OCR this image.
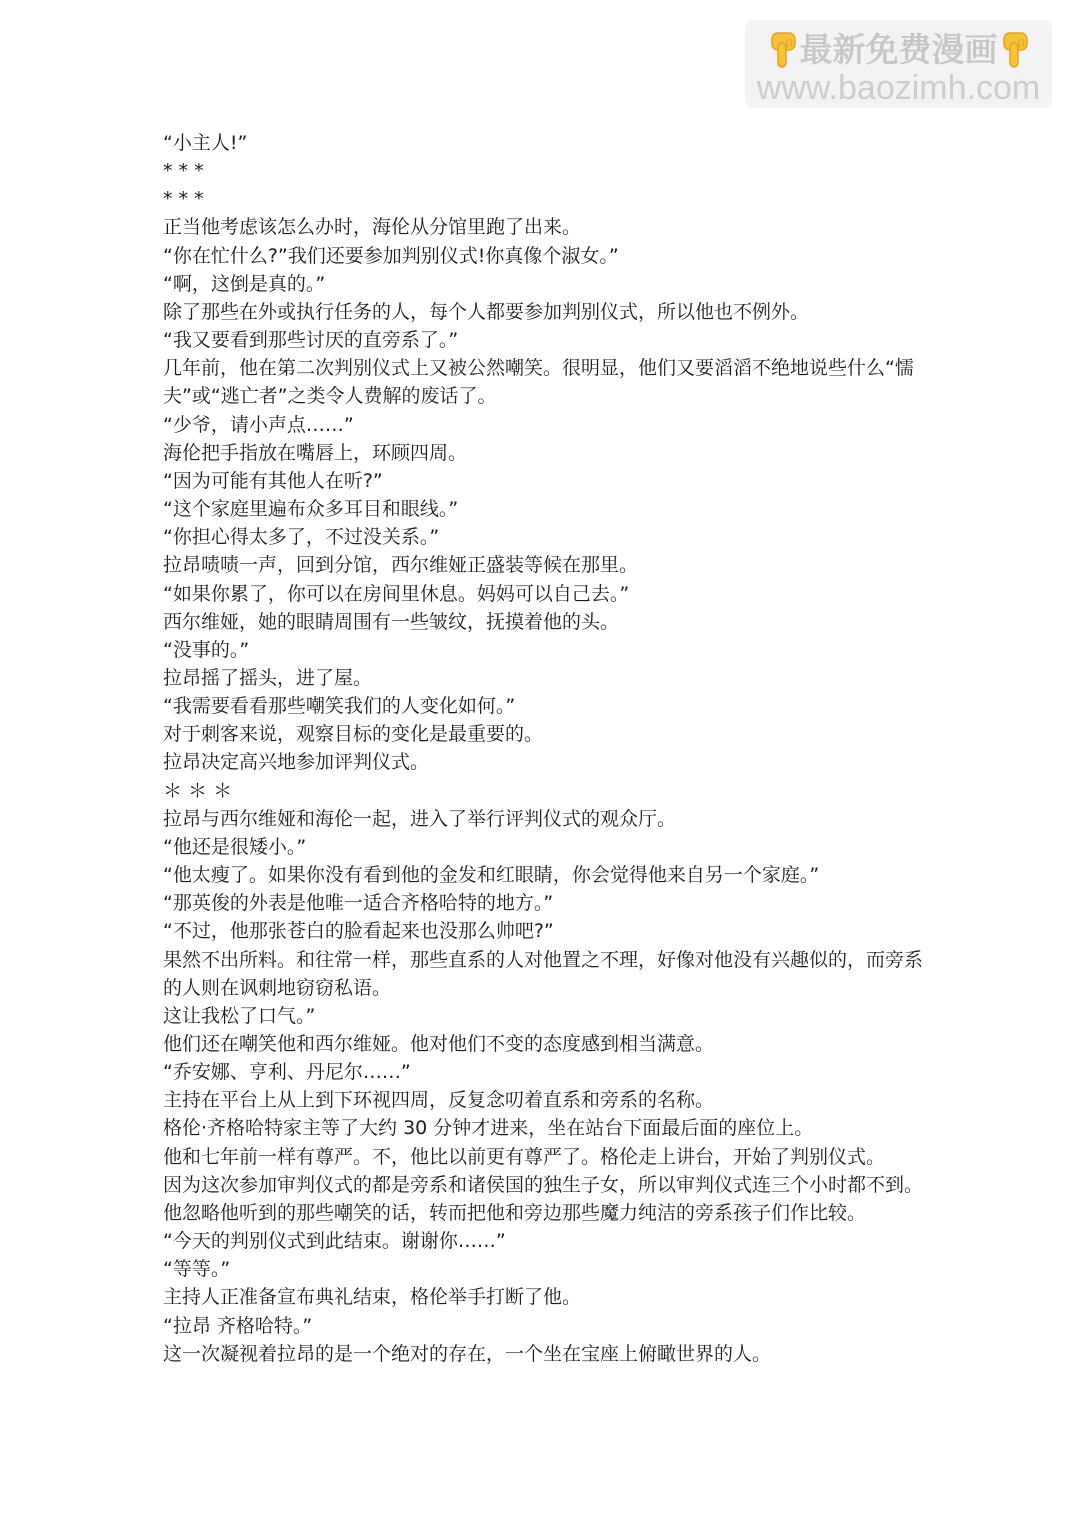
最新免费漫画
www.baozimh.com

“小主人!”

* * *

* * *

正当他考虑该怎么办时，海伦从分馆里跑了出来。

“你在忙什么?”我们还要参加判别仪式!你真像个淑女。”

“啊，这倒是真的。”

除了那些在外或执行任务的人，每个人都要参加判别仪式，所以他也不例外。

“我又要看到那些讨厌的直旁系了。”

几年前，他在第二次判别仪式上又被公然嘲笑。很明显，他们又要滔滔不绝地说些什么“懦

夫”或“逃亡者”之类令人费解的废话了。

“少爷，请小声点……”

海伦把手指放在嘴唇上，环顾四周。

“因为可能有其他人在听?”

“这个家庭里遍布众多耳目和眼线。”

“你担心得太多了，不过没关系。”

拉昂啧啧一声，回到分馆，西尔维娅正盛装等候在那里。

“如果你累了，你可以在房间里休息。妈妈可以自己去。”

西尔维娅，她的眼睛周围有一些皱纹，抚摸着他的头。

“没事的。”

拉昂摇了摇头，进了屋。

“我需要看看那些嘲笑我们的人变化如何。”

对于刺客来说，观察目标的变化是最重要的。

拉昂决定高兴地参加评判仪式。

＊ ＊ ＊

拉昂与西尔维娅和海伦一起，进入了举行评判仪式的观众厅。

“他还是很矮小。”

“他太瘦了。如果你没有看到他的金发和红眼睛，你会觉得他来自另一个家庭。”

“那英俊的外表是他唯一适合齐格哈特的地方。”

“不过，他那张苍白的脸看起来也没那么帅吧?”

果然不出所料。和往常一样，那些直系的人对他置之不理，好像对他没有兴趣似的，而旁系

的人则在讽刺地窃窃私语。

这让我松了口气。”

他们还在嘲笑他和西尔维娅。他对他们不变的态度感到相当满意。

“乔安娜、亨利、丹尼尔……”

主持在平台上从上到下环视四周，反复念叨着直系和旁系的名称。

格伦·齐格哈特家主等了大约 30 分钟才进来，坐在站台下面最后面的座位上。

他和七年前一样有尊严。不，他比以前更有尊严了。格伦走上讲台，开始了判别仪式。

因为这次参加审判仪式的都是旁系和诸侯国的独生子女，所以审判仪式连三个小时都不到。

他忽略他听到的那些嘲笑的话，转而把他和旁边那些魔力纯洁的旁系孩子们作比较。

“今天的判别仪式到此结束。谢谢你……”

“等等。”

主持人正准备宣布典礼结束，格伦举手打断了他。

“拉昂 齐格哈特。”

这一次凝视着拉昂的是一个绝对的存在，一个坐在宝座上俯瞰世界的人。
